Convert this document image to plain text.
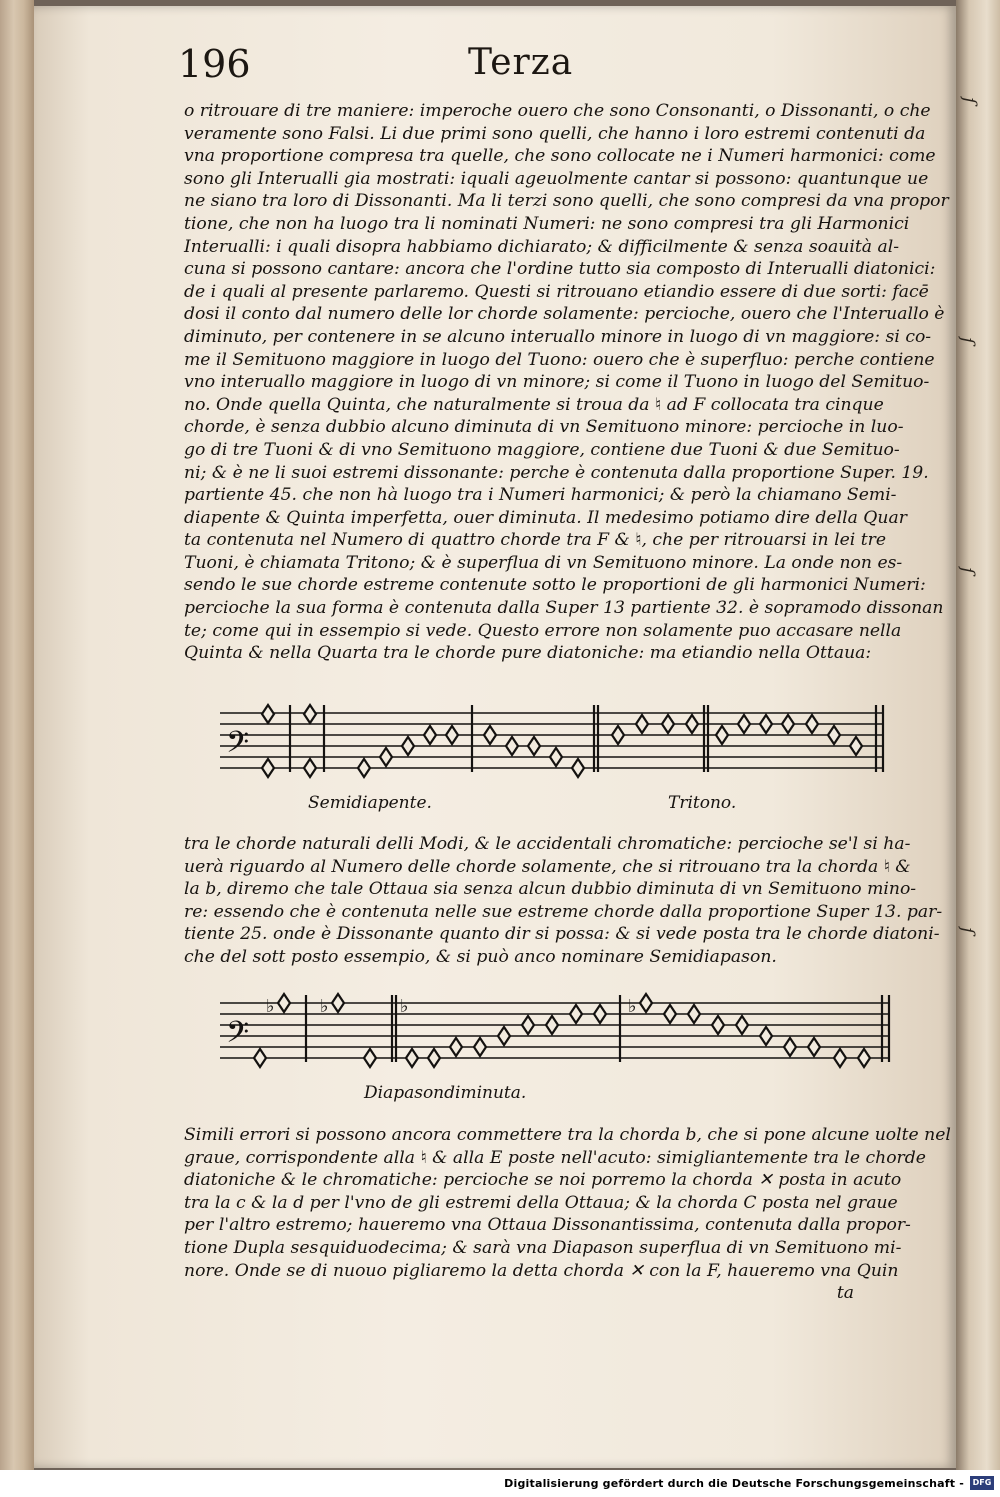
ſ
ſ
ſ
ſ
196	Terza
o ritrouare di tre maniere: imperoche ouero che sono Consonanti, o Dissonanti, o che
veramente sono Falsi. Li due primi sono quelli, che hanno i loro estremi contenuti da
vna proportione compresa tra quelle, che sono collocate ne i Numeri harmonici: come
sono gli Interualli gia mostrati: iquali ageuolmente cantar si possono: quantunque ue
ne siano tra loro di Dissonanti. Ma li terzi sono quelli, che sono compresi da vna propor
tione, che non ha luogo tra li nominati Numeri: ne sono compresi tra gli Harmonici
Interualli: i quali disopra habbiamo dichiarato; & difficilmente & senza soauità al-
cuna si possono cantare: ancora che l'ordine tutto sia composto di Interualli diatonici:
de i quali al presente parlaremo. Questi si ritrouano etiandio essere di due sorti: facē
dosi il conto dal numero delle lor chorde solamente: percioche, ouero che l'Interuallo è
diminuto, per contenere in se alcuno interuallo minore in luogo di vn maggiore: si co-
me il Semituono maggiore in luogo del Tuono: ouero che è superfluo: perche contiene
vno interuallo maggiore in luogo di vn minore; si come il Tuono in luogo del Semituo-
no. Onde quella Quinta, che naturalmente si troua da ♮ ad F collocata tra cinque
chorde, è senza dubbio alcuno diminuta di vn Semituono minore: percioche in luo-
go di tre Tuoni & di vno Semituono maggiore, contiene due Tuoni & due Semituo-
ni; & è ne li suoi estremi dissonante: perche è contenuta dalla proportione Super. 19.
partiente 45. che non hà luogo tra i Numeri harmonici; & però la chiamano Semi-
diapente & Quinta imperfetta, ouer diminuta. Il medesimo potiamo dire della Quar
ta contenuta nel Numero di quattro chorde tra F & ♮, che per ritrouarsi in lei tre
Tuoni, è chiamata Tritono; & è superflua di vn Semituono minore. La onde non es-
sendo le sue chorde estreme contenute sotto le proportioni de gli harmonici Numeri:
percioche la sua forma è contenuta dalla Super 13 partiente 32. è sopramodo dissonan
te; come qui in essempio si vede. Questo errore non solamente puo accasare nella
Quinta & nella Quarta tra le chorde pure diatoniche: ma etiandio nella Ottaua:
𝄢
Semidiapente.	Tritono.
tra le chorde naturali delli Modi, & le accidentali chromatiche: percioche se'l si ha-
uerà riguardo al Numero delle chorde solamente, che si ritrouano tra la chorda ♮ &
la b, diremo che tale Ottaua sia senza alcun dubbio diminuta di vn Semituono mino-
re: essendo che è contenuta nelle sue estreme chorde dalla proportione Super 13. par-
tiente 25. onde è Dissonante quanto dir si possa: & si vede posta tra le chorde diatoni-
che del sott posto essempio, & si può anco nominare Semidiapason.
𝄢
♭	♭	♭	♭
Diapasondiminuta.
Simili errori si possono ancora commettere tra la chorda b, che si pone alcune uolte nel
graue, corrispondente alla ♮ & alla E poste nell'acuto: simigliantemente tra le chorde
diatoniche & le chromatiche: percioche se noi porremo la chorda ✕ posta in acuto
tra la c & la d per l'vno de gli estremi della Ottaua; & la chorda C posta nel graue
per l'altro estremo; haueremo vna Ottaua Dissonantissima, contenuta dalla propor-
tione Dupla sesquiduodecima; & sarà vna Diapason superflua di vn Semituono mi-
nore. Onde se di nuouo pigliaremo la detta chorda ✕ con la F, haueremo vna Quin
ta
Digitalisierung gefördert durch die Deutsche Forschungsgemeinschaft -	DFG
